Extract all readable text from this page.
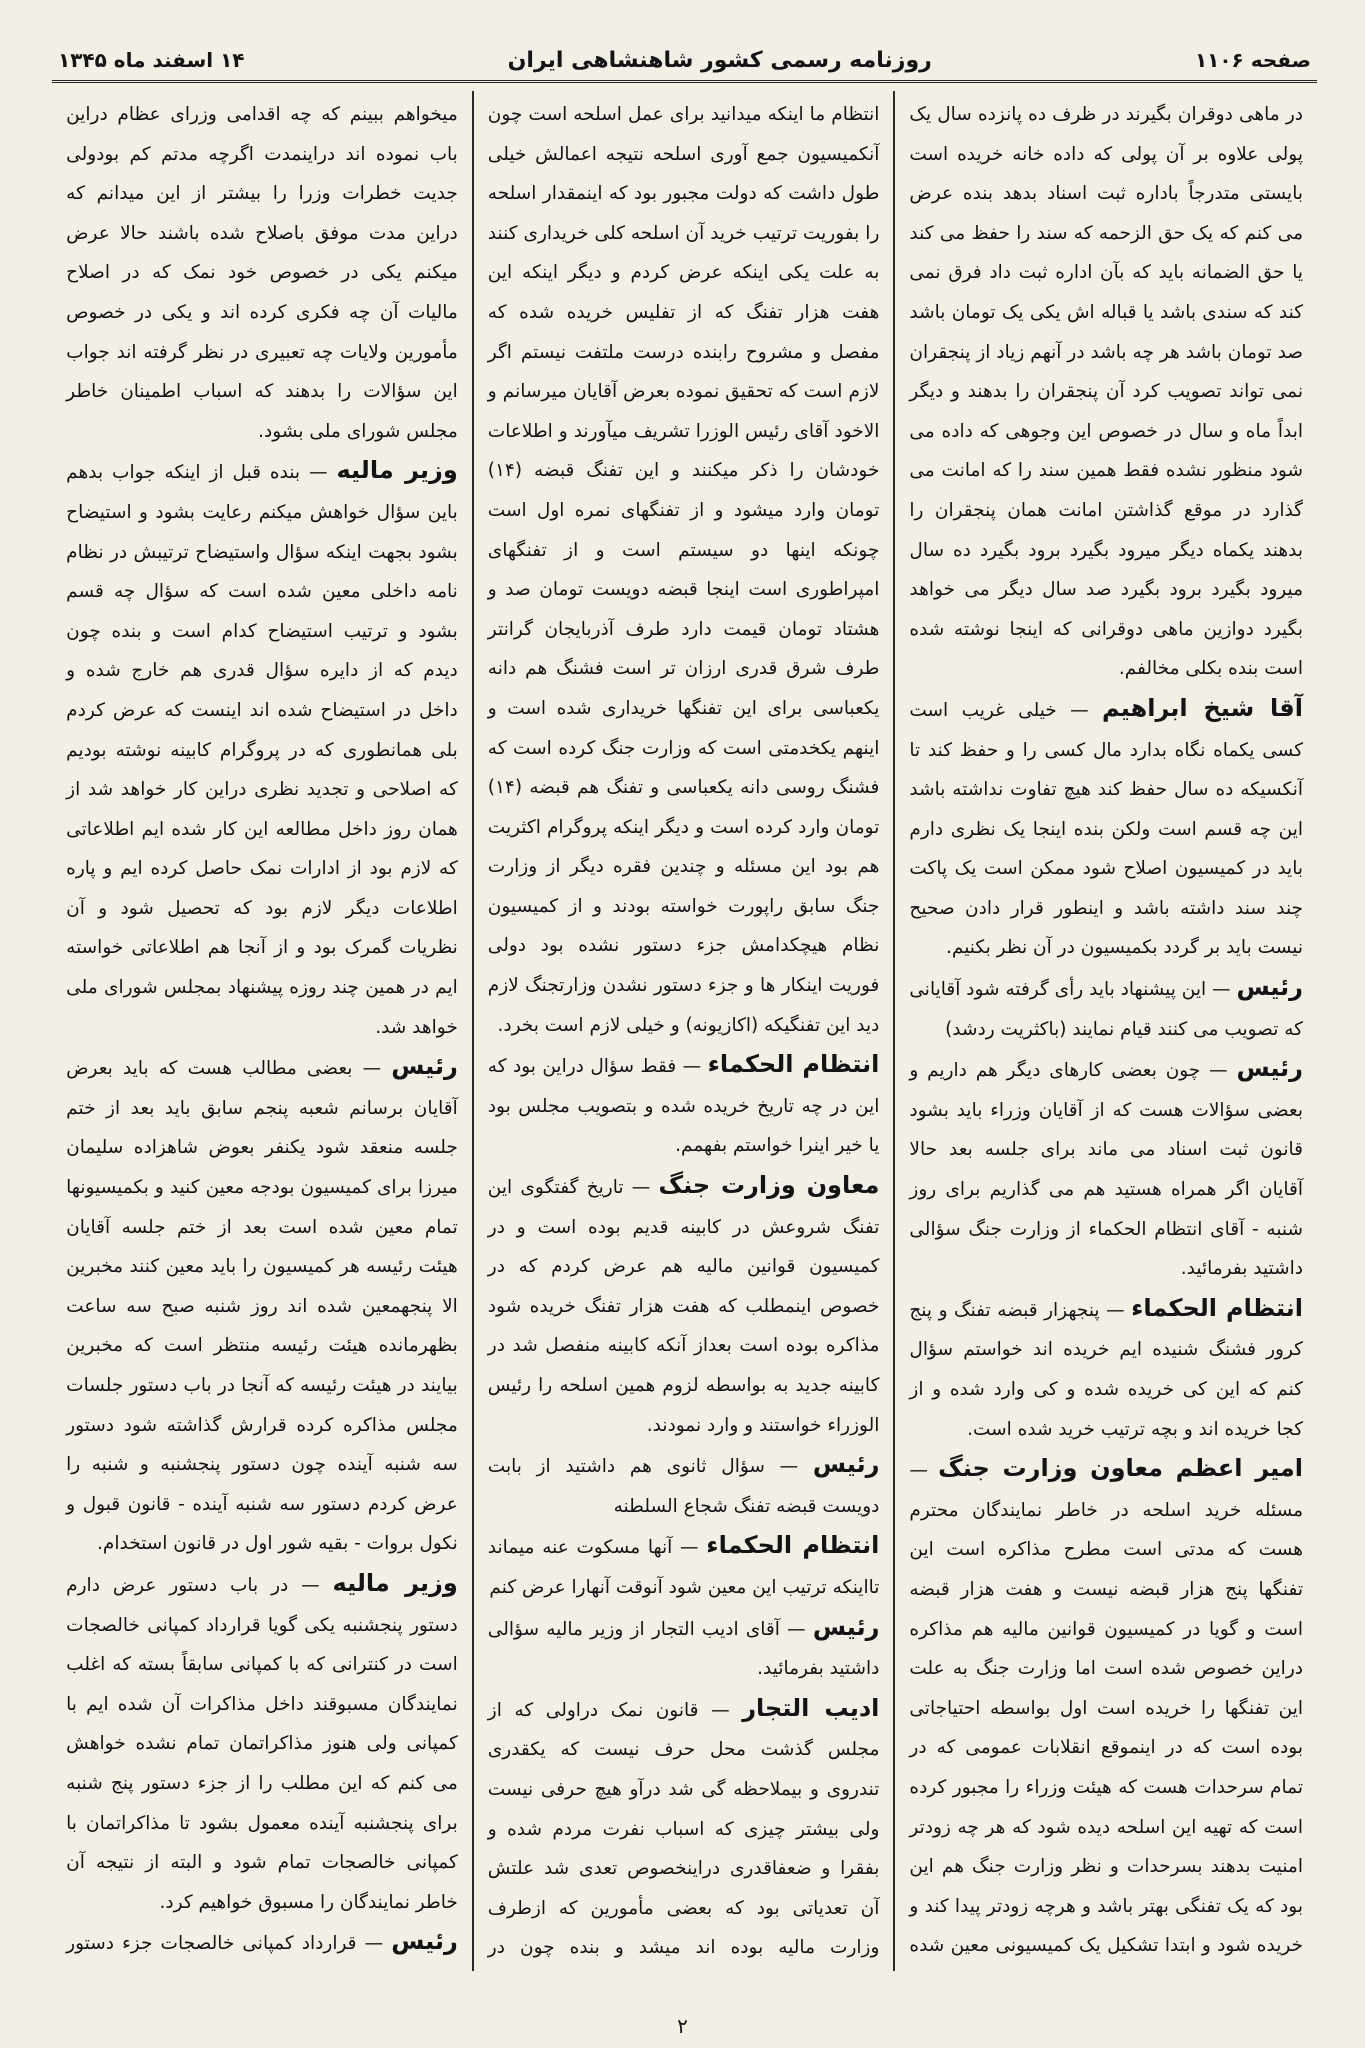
صفحه ۱۱۰۶
روزنامه رسمی کشور شاهنشاهی ایران
۱۴ اسفند ماه ۱۳۴۵

در ماهی دوقران بگیرند در ظرف ده پانزده سال یک پولی علاوه بر آن پولی که داده خانه خریده است بایستی متدرجاً باداره ثبت اسناد بدهد بنده عرض می کنم که یک حق الزحمه که سند را حفظ می کند یا حق الضمانه باید که بآن اداره ثبت داد فرق نمی کند که سندی باشد یا قباله اش یکی یک تومان باشد صد تومان باشد هر چه باشد در آنهم زیاد از پنجقران نمی تواند تصویب کرد آن پنجقران را بدهند و دیگر ابداً ماه و سال در خصوص این وجوهی که داده می شود منظور نشده فقط همین سند را که امانت می گذارد در موقع گذاشتن امانت همان پنجقران را بدهند یکماه دیگر میرود بگیرد برود بگیرد ده سال میرود بگیرد برود بگیرد صد سال دیگر می خواهد بگیرد دوازین ماهی دوقرانی که اینجا نوشته شده است بنده بکلی مخالفم.

آقا شیخ ابراهیم — خیلی غریب است کسی یکماه نگاه بدارد مال کسی را و حفظ کند تا آنکسیکه ده سال حفظ کند هیچ تفاوت نداشته باشد این چه قسم است ولکن بنده اینجا یک نظری دارم باید در کمیسیون اصلاح شود ممکن است یک پاکت چند سند داشته باشد و اینطور قرار دادن صحیح نیست باید بر گردد بکمیسیون در آن نظر بکنیم.

رئیس — این پیشنهاد باید رأی گرفته شود آقایانی که تصویب می کنند قیام نمایند (باکثریت ردشد)

رئیس — چون بعضی کارهای دیگر هم داریم و بعضی سؤالات هست که از آقایان وزراء باید بشود قانون ثبت اسناد می ماند برای جلسه بعد حالا آقایان اگر همراه هستید هم می گذاریم برای روز شنبه - آقای انتظام الحکماء از وزارت جنگ سؤالی داشتید بفرمائید.

انتظام الحکماء — پنجهزار قبضه تفنگ و پنج کرور فشنگ شنیده ایم خریده اند خواستم سؤال کنم که این کی خریده شده و کی وارد شده و از کجا خریده اند و بچه ترتیب خرید شده است.

امیر اعظم معاون وزارت جنگ — مسئله خرید اسلحه در خاطر نمایندگان محترم هست که مدتی است مطرح مذاکره است این تفنگها پنج هزار قبضه نیست و هفت هزار قبضه است و گویا در کمیسیون قوانین مالیه هم مذاکره دراین خصوص شده است اما وزارت جنگ به علت این تفنگها را خریده است اول بواسطه احتیاجاتی بوده است که در اینموقع انقلابات عمومی که در تمام سرحدات هست که هیئت وزراء را مجبور کرده است که تهیه این اسلحه دیده شود که هر چه زودتر امنیت بدهند بسرحدات و نظر وزارت جنگ هم این بود که یک تفنگی بهتر باشد و هرچه زودتر پیدا کند و خریده شود و ابتدا تشکیل یک کمیسیونی معین شده

انتظام ما اینکه میدانید برای عمل اسلحه است چون آنکمیسیون جمع آوری اسلحه نتیجه اعمالش خیلی طول داشت که دولت مجبور بود که اینمقدار اسلحه را بفوریت ترتیب خرید آن اسلحه کلی خریداری کنند به علت یکی اینکه عرض کردم و دیگر اینکه این هفت هزار تفنگ که از تفلیس خریده شده که مفصل و مشروح رابنده درست ملتفت نیستم اگر لازم است که تحقیق نموده بعرض آقایان میرسانم و الاخود آقای رئیس الوزرا تشریف میآورند و اطلاعات خودشان را ذکر میکنند و این تفنگ قبضه (۱۴) تومان وارد میشود و از تفنگهای نمره اول است چونکه اینها دو سیستم است و از تفنگهای امپراطوری است اینجا قبضه دویست تومان صد و هشتاد تومان قیمت دارد طرف آذربایجان گرانتر طرف شرق قدری ارزان تر است فشنگ هم دانه یکعباسی برای این تفنگها خریداری شده است و اینهم یکخدمتی است که وزارت جنگ کرده است که فشنگ روسی دانه یکعباسی و تفنگ هم قبضه (۱۴) تومان وارد کرده است و دیگر اینکه پروگرام اکثریت هم بود این مسئله و چندین فقره دیگر از وزارت جنگ سابق راپورت خواسته بودند و از کمیسیون نظام هیچکدامش جزء دستور نشده بود دولی فوریت اینکار ها و جزء دستور نشدن وزارتجنگ لازم دید این تفنگیکه (اکازیونه) و خیلی لازم است بخرد.

انتظام الحکماء — فقط سؤال دراین بود که این در چه تاریخ خریده شده و بتصویب مجلس بود یا خیر اینرا خواستم بفهمم.

معاون وزارت جنگ — تاریخ گفتگوی این تفنگ شروعش در کابینه قدیم بوده است و در کمیسیون قوانین مالیه هم عرض کردم که در خصوص اینمطلب که هفت هزار تفنگ خریده شود مذاکره بوده است بعداز آنکه کابینه منفصل شد در کابینه جدید به بواسطه لزوم همین اسلحه را رئیس الوزراء خواستند و وارد نمودند.

رئیس — سؤال ثانوی هم داشتید از بابت دویست قبضه تفنگ شجاع السلطنه

انتظام الحکماء — آنها مسکوت عنه میماند تااینکه ترتیب این معین شود آنوقت آنهارا عرض کنم

رئیس — آقای ادیب التجار از وزیر مالیه سؤالی داشتید بفرمائید.

ادیب التجار — قانون نمک دراولی که از مجلس گذشت محل حرف نیست که یکقدری تندروی و بیملاحظه گی شد درآو هیچ حرفی نیست ولی بیشتر چیزی که اسباب نفرت مردم شده و بفقرا و ضعفاقدری دراینخصوص تعدی شد علتش آن تعدیاتی بود که بعضی مأمورین که ازطرف وزارت مالیه بوده اند میشد و بنده چون در

میخواهم ببینم که چه اقدامی وزرای عظام دراین باب نموده اند دراینمدت اگرچه مدتم کم بودولی جدیت خطرات وزرا را بیشتر از این میدانم که دراین مدت موفق باصلاح شده باشند حالا عرض میکنم یکی در خصوص خود نمک که در اصلاح مالیات آن چه فکری کرده اند و یکی در خصوص مأمورین ولایات چه تعبیری در نظر گرفته اند جواب این سؤالات را بدهند که اسباب اطمینان خاطر مجلس شورای ملی بشود.

وزیر مالیه — بنده قبل از اینکه جواب بدهم باین سؤال خواهش میکنم رعایت بشود و استیضاح بشود بجهت اینکه سؤال واستیضاح ترتیبش در نظام نامه داخلی معین شده است که سؤال چه قسم بشود و ترتیب استیضاح کدام است و بنده چون دیدم که از دایره سؤال قدری هم خارج شده و داخل در استیضاح شده اند اینست که عرض کردم بلی همانطوری که در پروگرام کابینه نوشته بودیم که اصلاحی و تجدید نظری دراین کار خواهد شد از همان روز داخل مطالعه این کار شده ایم اطلاعاتی که لازم بود از ادارات نمک حاصل کرده ایم و پاره اطلاعات دیگر لازم بود که تحصیل شود و آن نظریات گمرک بود و از آنجا هم اطلاعاتی خواسته ایم در همین چند روزه پیشنهاد بمجلس شورای ملی خواهد شد.

رئیس — بعضی مطالب هست که باید بعرض آقایان برسانم شعبه پنجم سابق باید بعد از ختم جلسه منعقد شود یکنفر بعوض شاهزاده سلیمان میرزا برای کمیسیون بودجه معین کنید و بکمیسیونها تمام معین شده است بعد از ختم جلسه آقایان هیئت رئیسه هر کمیسیون را باید معین کنند مخبرین الا پنجهمعین شده اند روز شنبه صبح سه ساعت بظهرمانده هیئت رئیسه منتظر است که مخبرین بیایند در هیئت رئیسه که آنجا در باب دستور جلسات مجلس مذاکره کرده قرارش گذاشته شود دستور سه شنبه آینده چون دستور پنجشنبه و شنبه را عرض کردم دستور سه شنبه آینده - قانون قبول و نکول بروات - بقیه شور اول در قانون استخدام.

وزیر مالیه — در باب دستور عرض دارم دستور پنجشنبه یکی گویا قرارداد کمپانی خالصجات است در کنترانی که با کمپانی سابقاً بسته که اغلب نمایندگان مسبوقند داخل مذاکرات آن شده ایم با کمپانی ولی هنوز مذاکراتمان تمام نشده خواهش می کنم که این مطلب را از جزء دستور پنج شنبه برای پنجشنبه آینده معمول بشود تا مذاکراتمان با کمپانی خالصجات تمام شود و البته از نتیجه آن خاطر نمایندگان را مسبوق خواهیم کرد.

رئیس — قرارداد کمپانی خالصجات جزء دستور

۲
